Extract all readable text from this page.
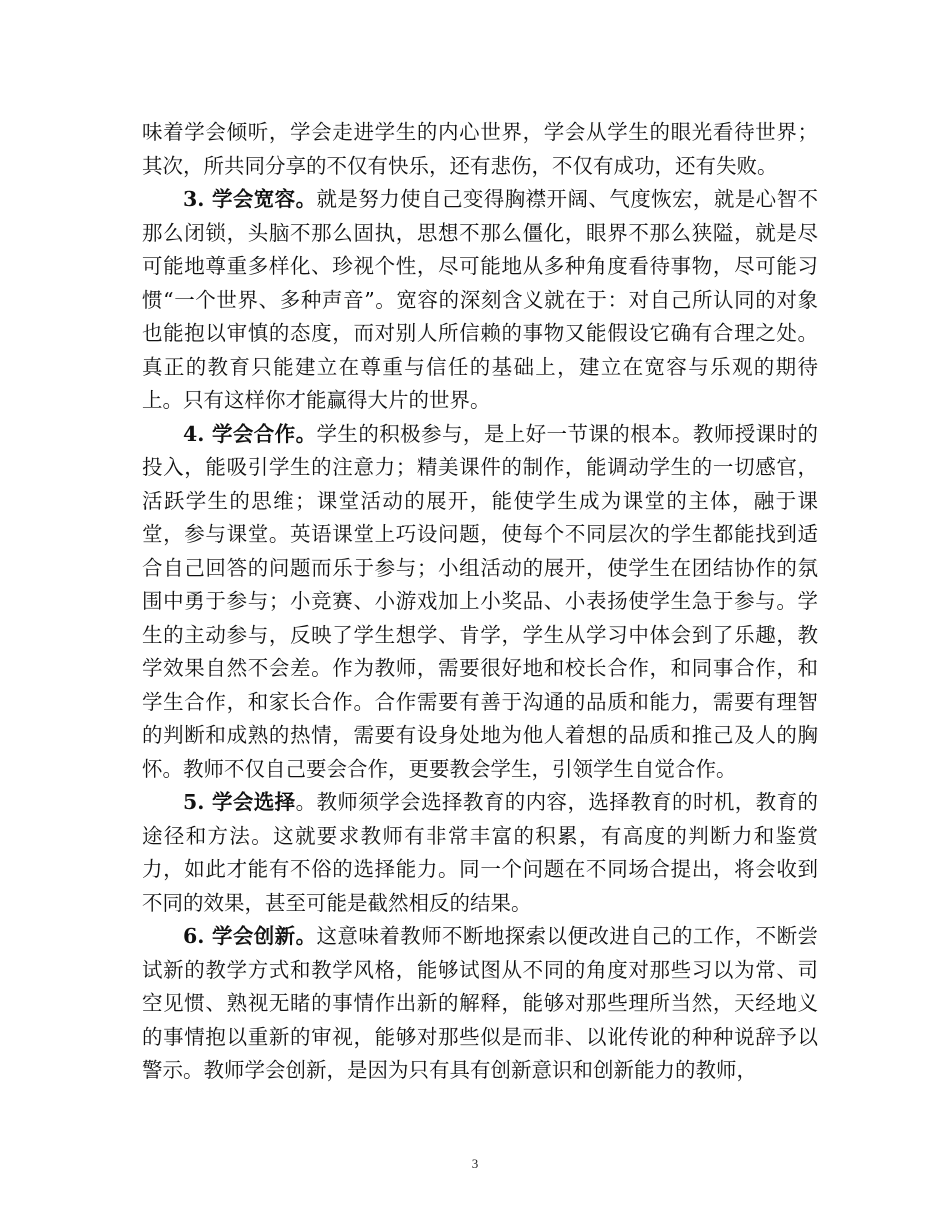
味着学会倾听，学会走进学生的内心世界，学会从学生的眼光看待世界；其次，所共同分享的不仅有快乐，还有悲伤，不仅有成功，还有失败。

3. 学会宽容。就是努力使自己变得胸襟开阔、气度恢宏，就是心智不那么闭锁，头脑不那么固执，思想不那么僵化，眼界不那么狭隘，就是尽可能地尊重多样化、珍视个性，尽可能地从多种角度看待事物，尽可能习惯“一个世界、多种声音”。宽容的深刻含义就在于：对自己所认同的对象也能抱以审慎的态度，而对别人所信赖的事物又能假设它确有合理之处。真正的教育只能建立在尊重与信任的基础上，建立在宽容与乐观的期待上。只有这样你才能赢得大片的世界。

4. 学会合作。学生的积极参与，是上好一节课的根本。教师授课时的投入，能吸引学生的注意力；精美课件的制作，能调动学生的一切感官，活跃学生的思维；课堂活动的展开，能使学生成为课堂的主体，融于课堂，参与课堂。英语课堂上巧设问题，使每个不同层次的学生都能找到适合自己回答的问题而乐于参与；小组活动的展开，使学生在团结协作的氛围中勇于参与；小竞赛、小游戏加上小奖品、小表扬使学生急于参与。学生的主动参与，反映了学生想学、肯学，学生从学习中体会到了乐趣，教学效果自然不会差。作为教师，需要很好地和校长合作，和同事合作，和学生合作，和家长合作。合作需要有善于沟通的品质和能力，需要有理智的判断和成熟的热情，需要有设身处地为他人着想的品质和推己及人的胸怀。教师不仅自己要会合作，更要教会学生，引领学生自觉合作。

5. 学会选择。教师须学会选择教育的内容，选择教育的时机，教育的途径和方法。这就要求教师有非常丰富的积累，有高度的判断力和鉴赏力，如此才能有不俗的选择能力。同一个问题在不同场合提出，将会收到不同的效果，甚至可能是截然相反的结果。

6. 学会创新。这意味着教师不断地探索以便改进自己的工作，不断尝试新的教学方式和教学风格，能够试图从不同的角度对那些习以为常、司空见惯、熟视无睹的事情作出新的解释，能够对那些理所当然，天经地义的事情抱以重新的审视，能够对那些似是而非、以讹传讹的种种说辞予以警示。教师学会创新，是因为只有具有创新意识和创新能力的教师，

3
